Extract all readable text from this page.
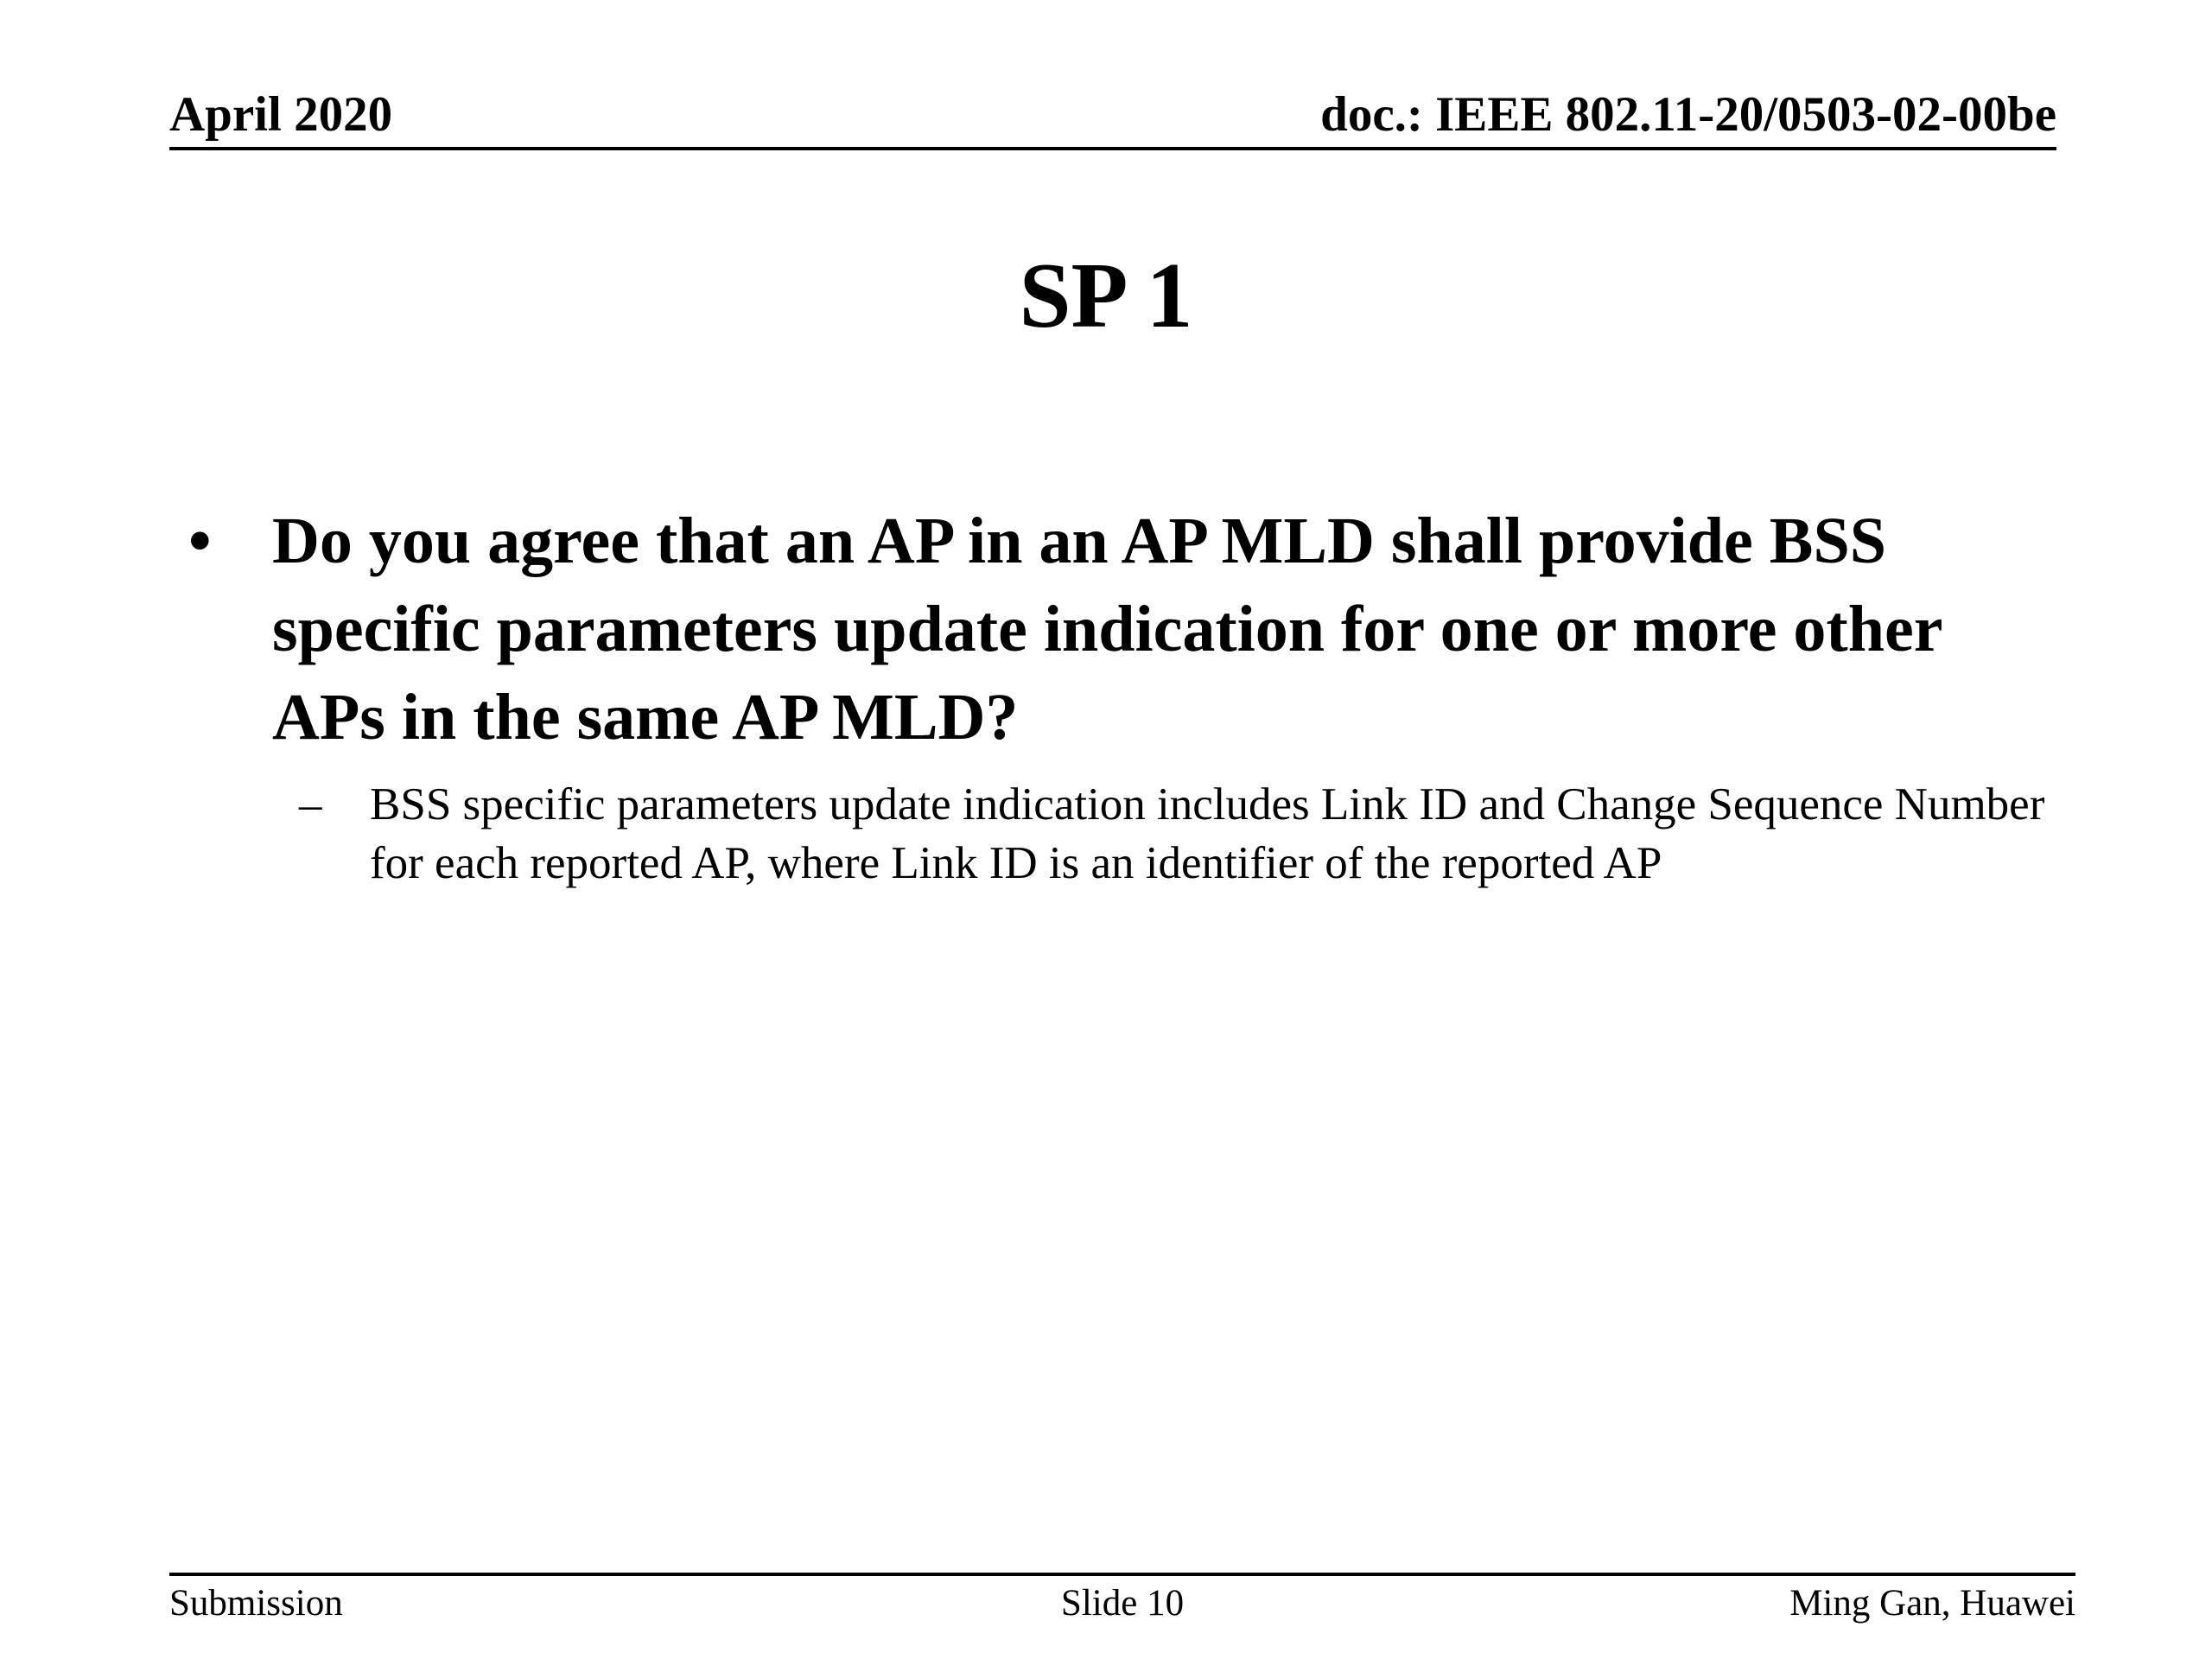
April 2020	doc.: IEEE 802.11-20/0503-02-00be
SP 1
• Do you agree that an AP in an AP MLD shall provide BSS specific parameters update indication for one or more other APs in the same AP MLD?
– BSS specific parameters update indication includes Link ID and Change Sequence Number for each reported AP, where Link ID is an identifier of the reported AP
Submission	Slide 10	Ming Gan, Huawei
